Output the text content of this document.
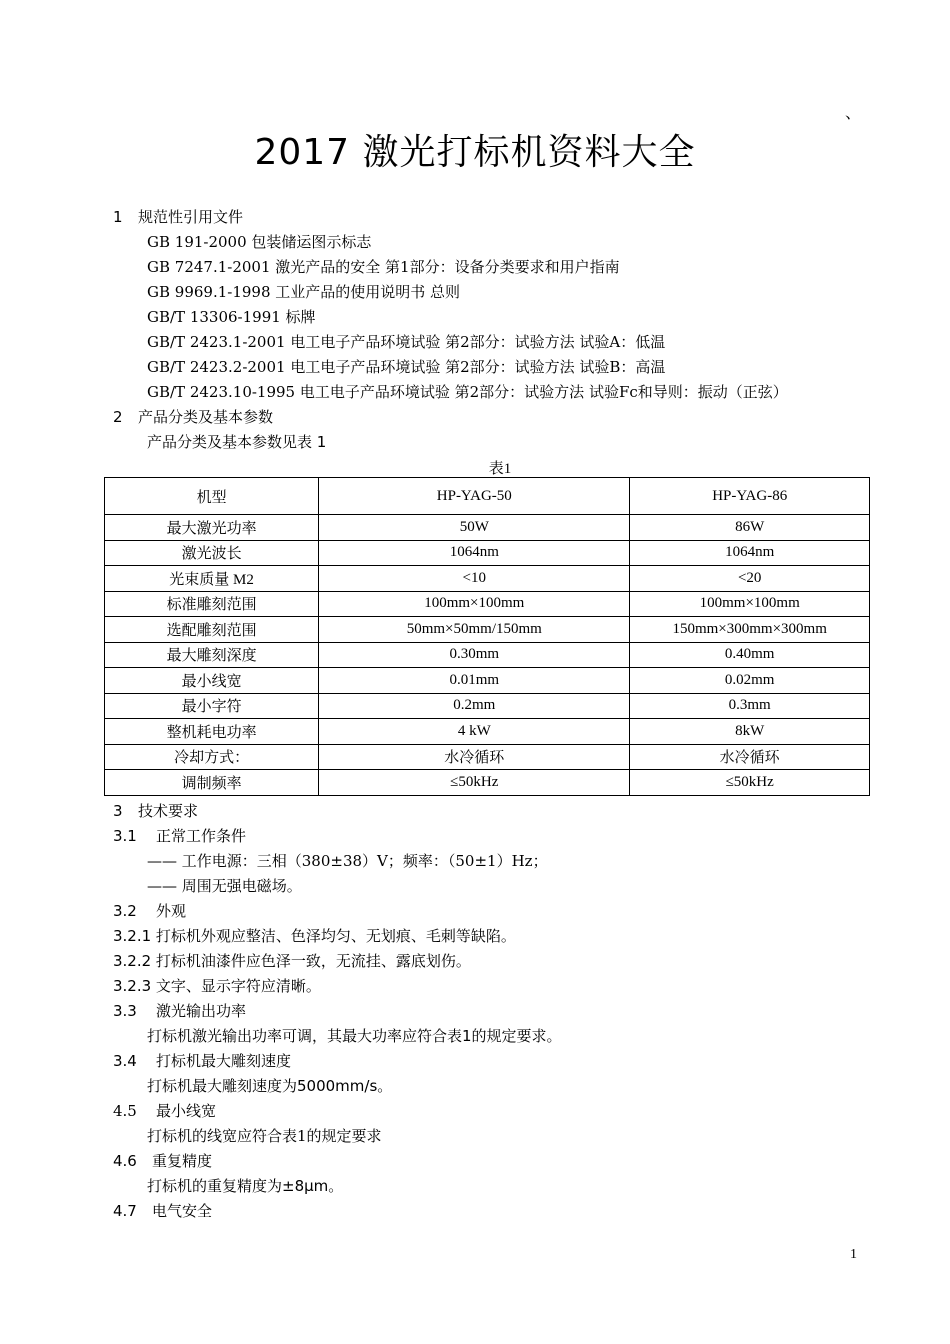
、
2017 激光打标机资料大全
1 规范性引用文件
GB 191-2000 包装储运图示标志
GB 7247.1-2001 激光产品的安全 第1部分：设备分类要求和用户指南
GB 9969.1-1998 工业产品的使用说明书 总则
GB/T 13306-1991 标牌
GB/T 2423.1-2001 电工电子产品环境试验 第2部分：试验方法 试验A：低温
GB/T 2423.2-2001 电工电子产品环境试验 第2部分：试验方法 试验B：高温
GB/T 2423.10-1995 电工电子产品环境试验 第2部分：试验方法 试验Fc和导则：振动（正弦）
2 产品分类及基本参数
产品分类及基本参数见表 1
表1
机型	HP-YAG-50	HP-YAG-86
最大激光功率	50W	86W
激光波长	1064nm	1064nm
光束质量 M2	<10	<20
标准雕刻范围	100mm×100mm	100mm×100mm
选配雕刻范围	50mm×50mm/150mm	150mm×300mm×300mm
最大雕刻深度	0.30mm	0.40mm
最小线宽	0.01mm	0.02mm
最小字符	0.2mm	0.3mm
整机耗电功率	4 kW	8kW
冷却方式：	水冷循环	水冷循环
调制频率	≤50kHz	≤50kHz
3 技术要求
3.1 正常工作条件
—— 工作电源：三相（380±38）V；频率：（50±1）Hz；
—— 周围无强电磁场。
3.2 外观
3.2.1 打标机外观应整洁、色泽均匀、无划痕、毛刺等缺陷。
3.2.2 打标机油漆件应色泽一致，无流挂、露底划伤。
3.2.3 文字、显示字符应清晰。
3.3 激光输出功率
打标机激光输出功率可调，其最大功率应符合表1的规定要求。
3.4 打标机最大雕刻速度
打标机最大雕刻速度为5000mm/s。
4.5 最小线宽
打标机的线宽应符合表1的规定要求
4.6 重复精度
打标机的重复精度为±8μm。
4.7 电气安全
1
